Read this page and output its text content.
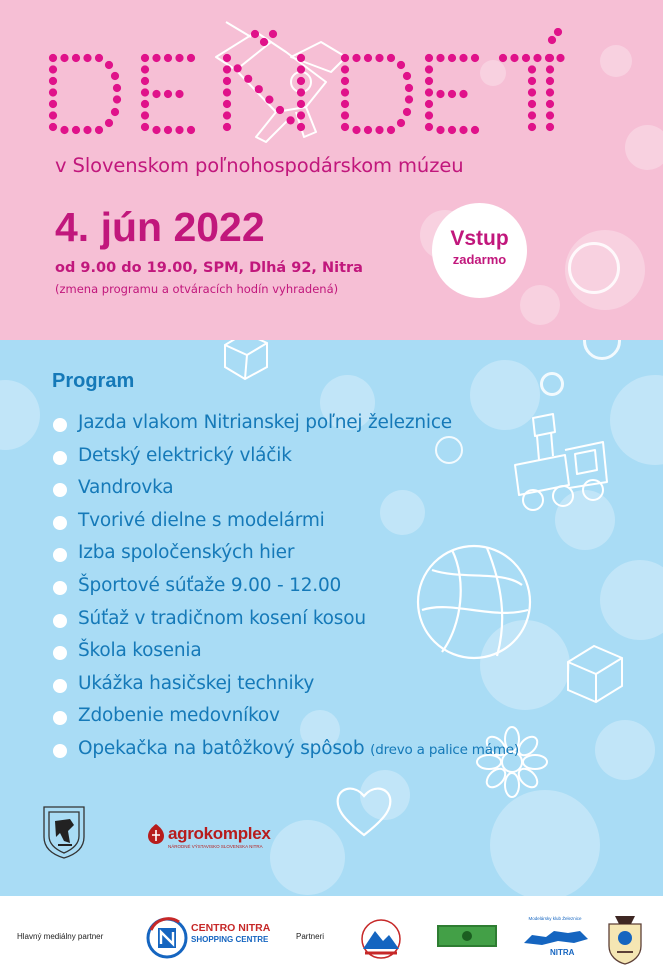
v Slovenskom poľnohospodárskom múzeu
4. jún 2022
od 9.00 do 19.00, SPM, Dlhá 92, Nitra
(zmena programu a otváracích hodín vyhradená)
Vstup
zadarmo
Program
Jazda vlakom Nitrianskej poľnej železnice
Detský elektrický vláčik
Vandrovka
Tvorivé dielne s modelármi
Izba spoločenských hier
Športové súťaže 9.00 - 12.00
Súťaž v tradičnom kosení kosou
Škola kosenia
Ukážka hasičskej techniky
Zdobenie medovníkov
Opekačka na batôžkový spôsob (drevo a palice máme)
agrokomplex
NÁRODNÉ VÝSTAVISKO SLOVENSKA NITRA
Hlavný mediálny partner
CENTRO NITRA
SHOPPING CENTRE	Partneri
Modelársky klub Železnice
NITRA
